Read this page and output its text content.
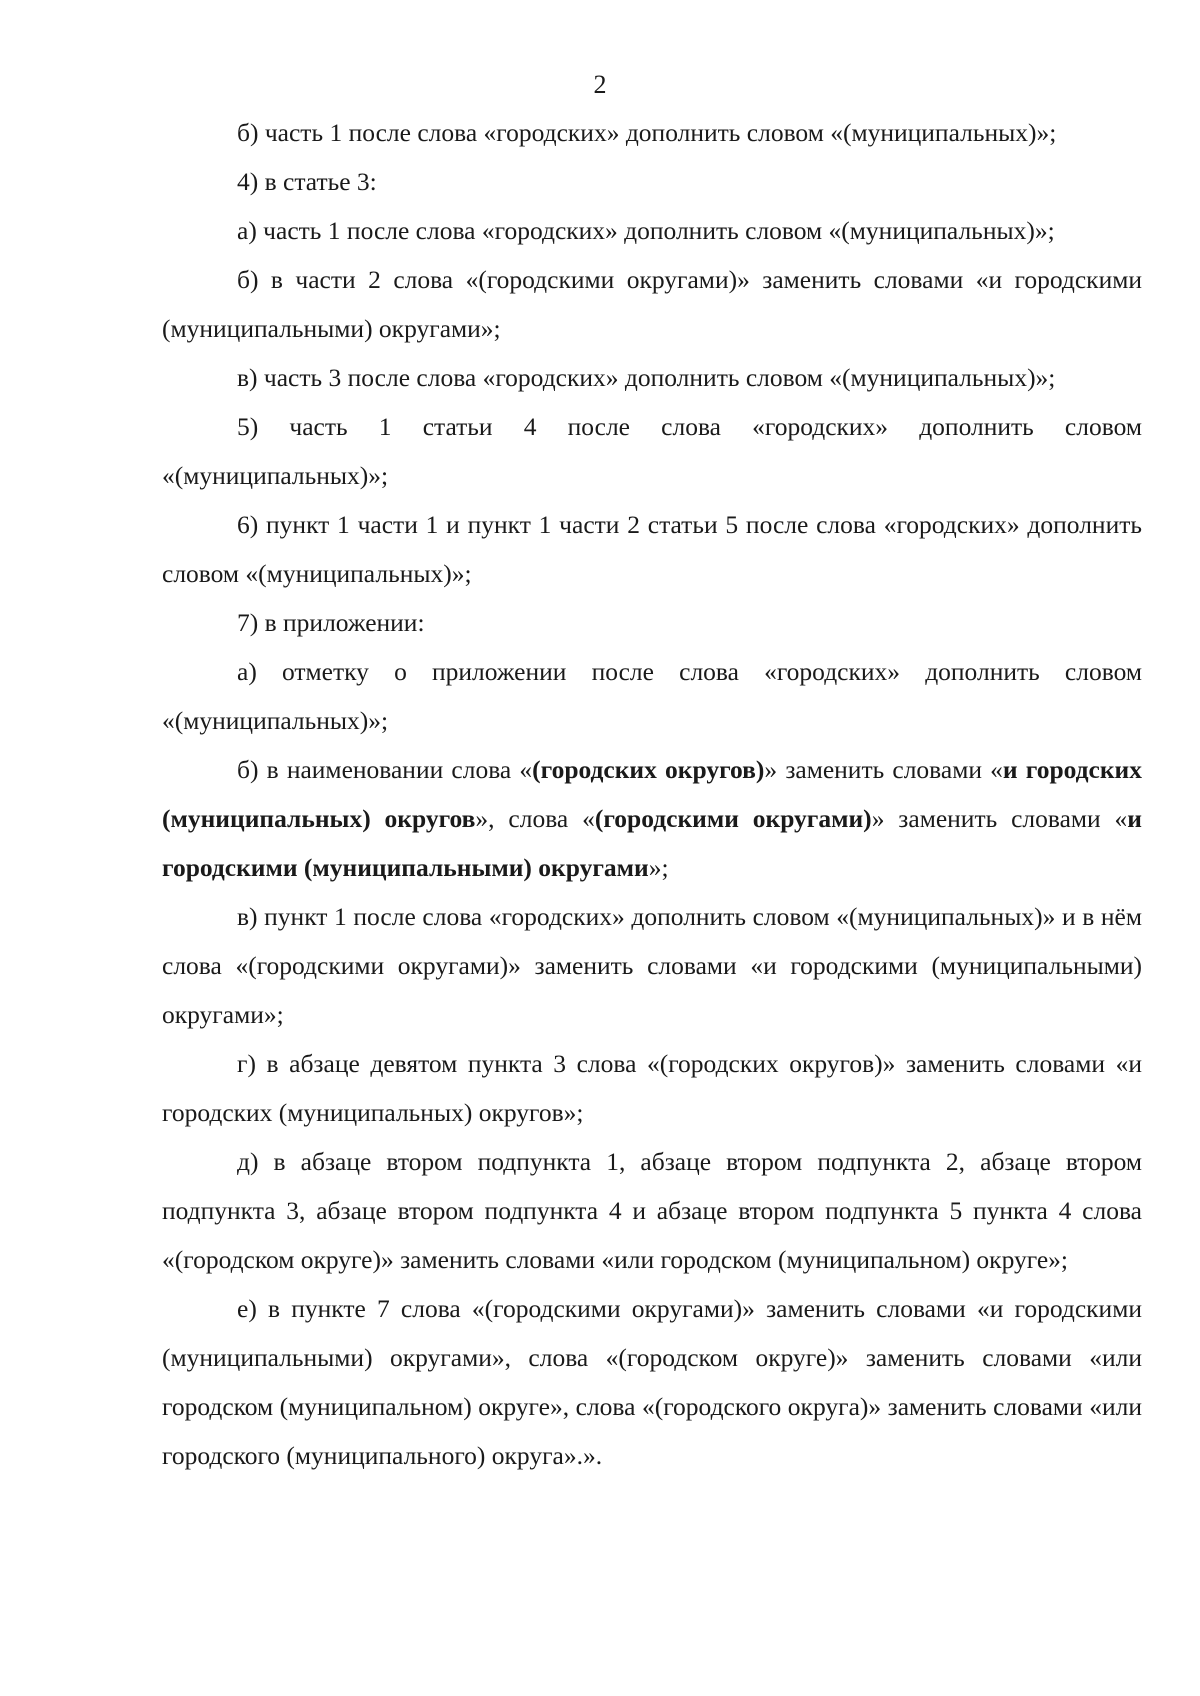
2

б) часть 1 после слова «городских» дополнить словом «(муниципальных)»;

4) в статье 3:

а) часть 1 после слова «городских» дополнить словом «(муниципальных)»;

б) в части 2 слова «(городскими округами)» заменить словами «и городскими (муниципальными) округами»;

в) часть 3 после слова «городских» дополнить словом «(муниципальных)»;

5) часть 1 статьи 4 после слова «городских» дополнить словом «(муниципальных)»;

6) пункт 1 части 1 и пункт 1 части 2 статьи 5 после слова «городских» дополнить словом «(муниципальных)»;

7) в приложении:

а) отметку о приложении после слова «городских» дополнить словом «(муниципальных)»;

б) в наименовании слова «(городских округов)» заменить словами «и городских (муниципальных) округов», слова «(городскими округами)» заменить словами «и городскими (муниципальными) округами»;

в) пункт 1 после слова «городских» дополнить словом «(муниципальных)» и в нём слова «(городскими округами)» заменить словами «и городскими (муниципальными) округами»;

г) в абзаце девятом пункта 3 слова «(городских округов)» заменить словами «и городских (муниципальных) округов»;

д) в абзаце втором подпункта 1, абзаце втором подпункта 2, абзаце втором подпункта 3, абзаце втором подпункта 4 и абзаце втором подпункта 5 пункта 4 слова «(городском округе)» заменить словами «или городском (муниципальном) округе»;

е) в пункте 7 слова «(городскими округами)» заменить словами «и городскими (муниципальными) округами», слова «(городском округе)» заменить словами «или городском (муниципальном) округе», слова «(городского округа)» заменить словами «или городского (муниципального) округа».».
